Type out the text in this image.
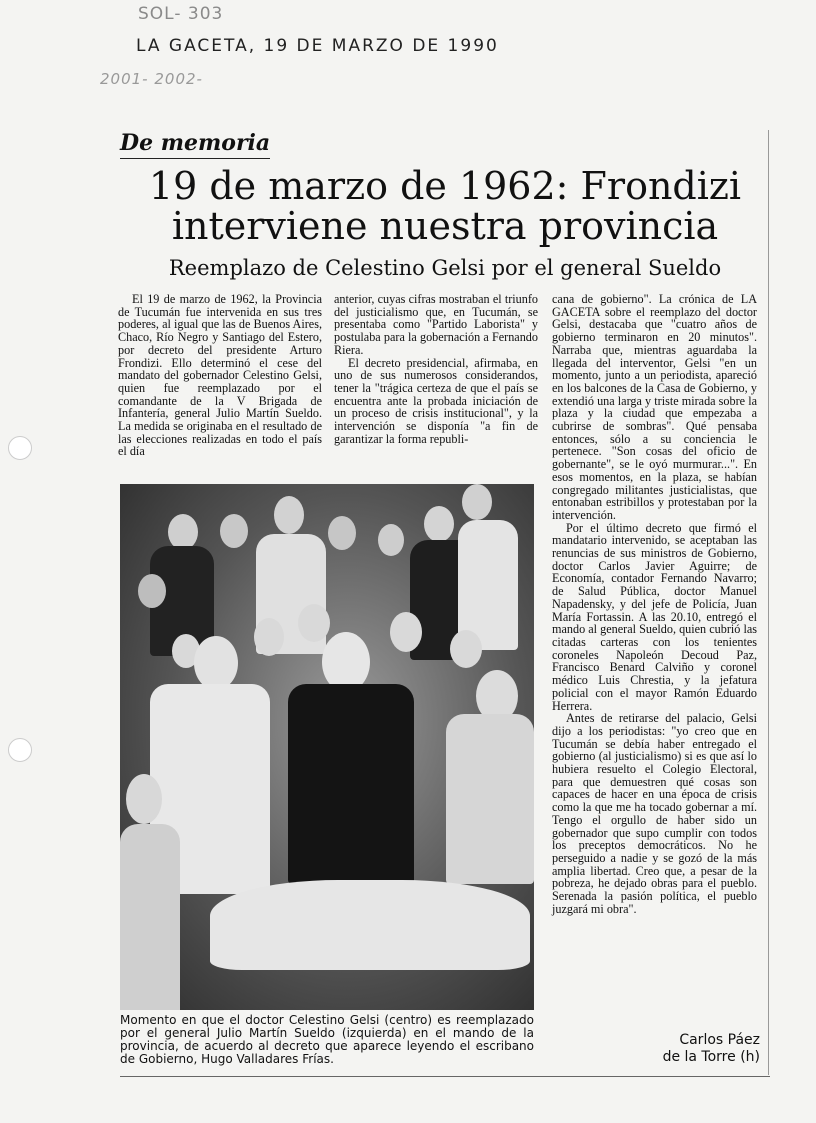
SOL- 303
LA GACETA, 19 DE MARZO DE 1990
2001- 2002-
De memoria
19 de marzo de 1962: Frondizi
interviene nuestra provincia
Reemplazo de Celestino Gelsi por el general Sueldo

El 19 de marzo de 1962, la Provincia de Tucumán fue intervenida en sus tres poderes, al igual que las de Buenos Aires, Chaco, Río Negro y Santiago del Estero, por decreto del presidente Arturo Frondizi. Ello determinó el cese del mandato del gobernador Celestino Gelsi, quien fue reemplazado por el comandante de la V Brigada de Infantería, general Julio Martín Sueldo. La medida se originaba en el resultado de las elecciones realizadas en todo el país el día

anterior, cuyas cifras mostraban el triunfo del justicialismo que, en Tucumán, se presentaba como "Partido Laborista" y postulaba para la gobernación a Fernando Riera.

El decreto presidencial, afirmaba, en uno de sus numerosos considerandos, tener la "trágica certeza de que el país se encuentra ante la probada iniciación de un proceso de crisis institucional", y la intervención se disponía "a fin de garantizar la forma republi-

cana de gobierno". La crónica de LA GACETA sobre el reemplazo del doctor Gelsi, destacaba que "cuatro años de gobierno terminaron en 20 minutos". Narraba que, mientras aguardaba la llegada del interventor, Gelsi "en un momento, junto a un periodista, apareció en los balcones de la Casa de Gobierno, y extendió una larga y triste mirada sobre la plaza y la ciudad que empezaba a cubrirse de sombras". Qué pensaba entonces, sólo a su conciencia le pertenece. "Son cosas del oficio de gobernante", se le oyó murmurar...". En esos momentos, en la plaza, se habían congregado militantes justicialistas, que entonaban estribillos y protestaban por la intervención.

Por el último decreto que firmó el mandatario intervenido, se aceptaban las renuncias de sus ministros de Gobierno, doctor Carlos Javier Aguirre; de Economía, contador Fernando Navarro; de Salud Pública, doctor Manuel Napadensky, y del jefe de Policía, Juan María Fortassin. A las 20.10, entregó el mando al general Sueldo, quien cubrió las citadas carteras con los tenientes coroneles Napoleón Decoud Paz, Francisco Benard Calviño y coronel médico Luis Chrestia, y la jefatura policial con el mayor Ramón Eduardo Herrera.

Antes de retirarse del palacio, Gelsi dijo a los periodistas: "yo creo que en Tucumán se debía haber entregado el gobierno (al justicialismo) si es que así lo hubiera resuelto el Colegio Electoral, para que demuestren qué cosas son capaces de hacer en una época de crisis como la que me ha tocado gobernar a mí. Tengo el orgullo de haber sido un gobernador que supo cumplir con todos los preceptos democráticos. No he perseguido a nadie y se gozó de la más amplia libertad. Creo que, a pesar de la pobreza, he dejado obras para el pueblo. Serenada la pasión política, el pueblo juzgará mi obra".

Momento en que el doctor Celestino Gelsi (centro) es reemplazado por el general Julio Martín Sueldo (izquierda) en el mando de la provincia, de acuerdo al decreto que aparece leyendo el escribano de Gobierno, Hugo Valladares Frías.
Carlos Páez
de la Torre (h)
